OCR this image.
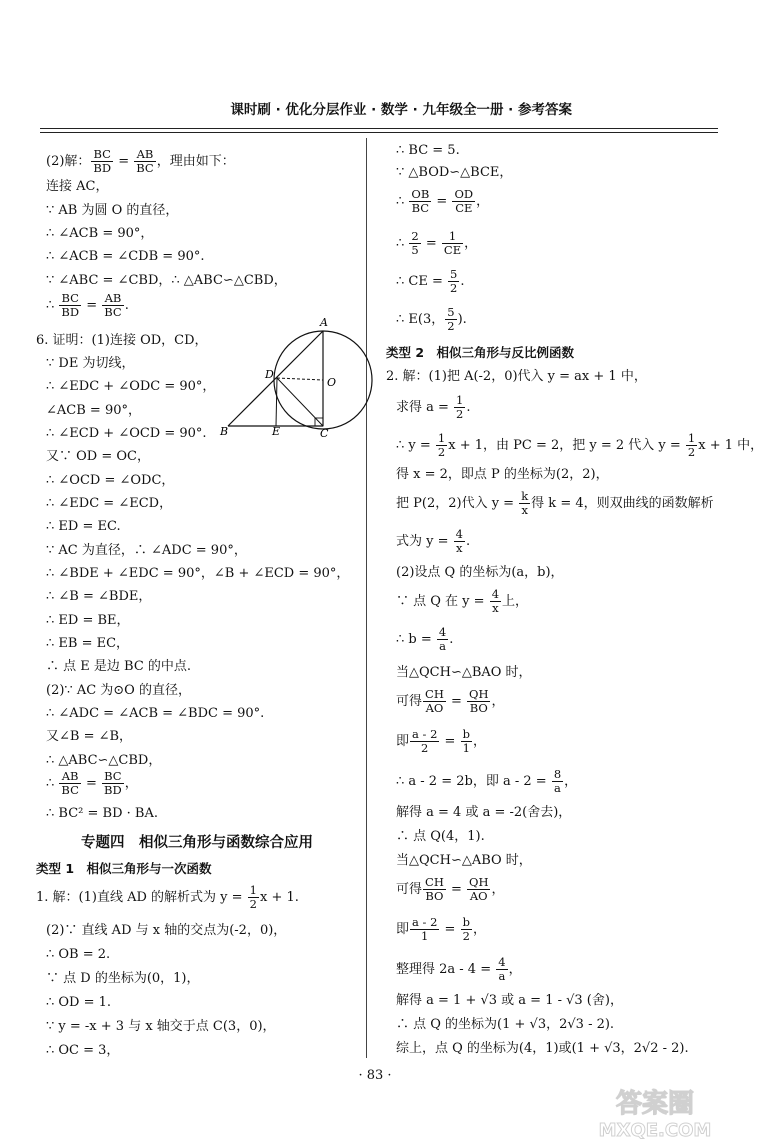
课时刷 · 优化分层作业 · 数学 · 九年级全一册 · 参考答案
(2)解： $\frac{BC}{BD} = \frac{AB}{BC}$ ，理由如下：
连接 AC，
∵ AB 为圆 O 的直径，
∴ ∠ACB = 90°，
∴ ∠ACB = ∠CDB = 90°.
∵ ∠ABC = ∠CBD，∴ △ABC∽△CBD，
∴ $\frac{BC}{BD} = \frac{AB}{BC}$ .
6. 证明：(1)连接 OD，CD，
∵ DE 为切线，
∴ ∠EDC + ∠ODC = 90°，
∠ACB = 90°，
∴ ∠ECD + ∠OCD = 90°.
又∵ OD = OC，
∴ ∠OCD = ∠ODC，
∴ ∠EDC = ∠ECD，
∴ ED = EC.
∵ AC 为直径，∴ ∠ADC = 90°，
∴ ∠BDE + ∠EDC = 90°，∠B + ∠ECD = 90°，
∴ ∠B = ∠BDE，
∴ ED = BE，
∴ EB = EC，
∴ 点 E 是边 BC 的中点.
(2)∵ AC 为⊙O 的直径，
∴ ∠ADC = ∠ACB = ∠BDC = 90°.
又∠B = ∠B，
∴ △ABC∽△CBD，
∴ $\frac{AB}{BC} = \frac{BC}{BD}$ ，
∴ BC² = BD · BA.
专题四　相似三角形与函数综合应用
类型 1　相似三角形与一次函数
1. 解：(1)直线 AD 的解析式为 $y = \frac{1}{2}$ x + 1.
(2)∵ 直线 AD 与 x 轴的交点为(-2，0)，
∴ OB = 2.
∵ 点 D 的坐标为(0，1)，
∴ OD = 1.
∵ y = -x + 3 与 x 轴交于点 C(3，0)，
∴ OC = 3，
A
D
O
B	E	C
∴ BC = 5.
∵ △BOD∽△BCE，
∴ $\frac{OB}{BC} = \frac{OD}{CE}$ ，
∴ $\frac{2}{5} = \frac{1}{CE}$ ，
∴ CE = $\frac{5}{2}$ .
∴ E(3， $\frac{5}{2}$ ).
类型 2　相似三角形与反比例函数
2. 解：(1)把 A(-2，0)代入 y = ax + 1 中，
求得 $a = \frac{1}{2}$ .
∴ $y = \frac{1}{2}$ x + 1，由 PC = 2，把 y = 2 代入 $y = \frac{1}{2}$ x + 1 中，
得 x = 2，即点 P 的坐标为(2，2)，
把 P(2，2)代入 $y = \frac{k}{x}$ 得 k = 4，则双曲线的函数解析
式为 $y = \frac{4}{x}$ .
(2)设点 Q 的坐标为(a，b)，
∵ 点 Q 在 $y = \frac{4}{x}$ 上，
∴ $b = \frac{4}{a}$ .
当△QCH∽△BAO 时，
可得 $\frac{CH}{AO} = \frac{QH}{BO}$ ，
即 $\frac{a - 2}{2} = \frac{b}{1}$ ，
∴ a - 2 = 2b，即 $a - 2 = \frac{8}{a}$ ，
解得 a = 4 或 a = -2(舍去)，
∴ 点 Q(4，1).
当△QCH∽△ABO 时，
可得 $\frac{CH}{BO} = \frac{QH}{AO}$ ，
即 $\frac{a - 2}{1} = \frac{b}{2}$ ，
整理得 $2a - 4 = \frac{4}{a}$ ，
解得 a = 1 + √3 或 a = 1 - √3 (舍)，
∴ 点 Q 的坐标为(1 + √3，2√3 - 2).
综上，点 Q 的坐标为(4，1)或(1 + √3，2√2 - 2).
· 83 ·
答案圈
MXQE.COM
